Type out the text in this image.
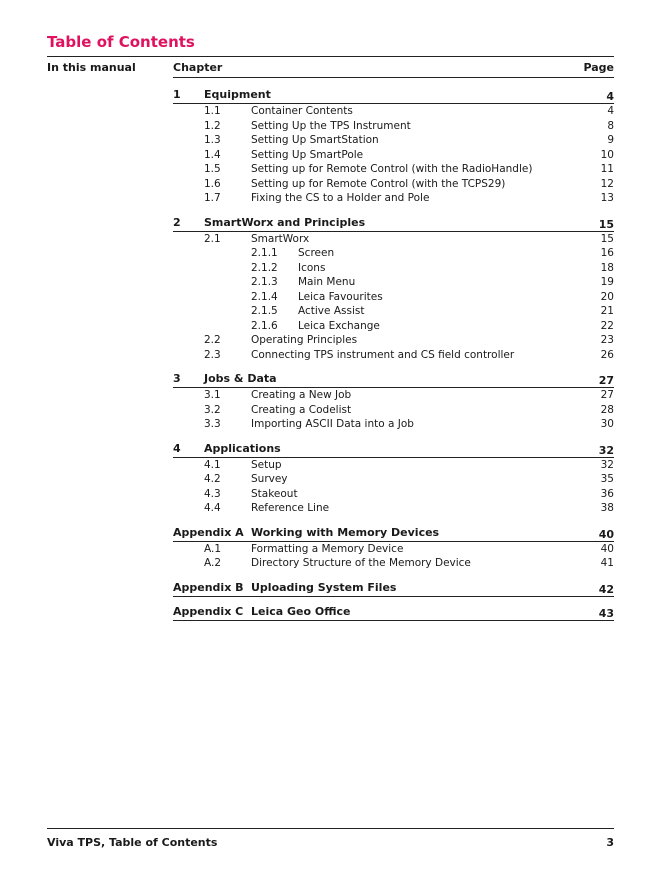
Table of Contents
In this manual	Chapter	Page
1 Equipment	4
1.1	Container Contents	4
1.2	Setting Up the TPS Instrument	8
1.3	Setting Up SmartStation	9
1.4	Setting Up SmartPole	10
1.5	Setting up for Remote Control (with the RadioHandle)	11
1.6	Setting up for Remote Control (with the TCPS29)	12
1.7	Fixing the CS to a Holder and Pole	13
2 SmartWorx and Principles	15
2.1	SmartWorx	15
2.1.1 Screen	16
2.1.2 Icons	18
2.1.3 Main Menu	19
2.1.4 Leica Favourites	20
2.1.5 Active Assist	21
2.1.6 Leica Exchange	22
2.2	Operating Principles	23
2.3	Connecting TPS instrument and CS field controller	26
3 Jobs & Data	27
3.1	Creating a New Job	27
3.2	Creating a Codelist	28
3.3	Importing ASCII Data into a Job	30
4 Applications	32
4.1	Setup	32
4.2	Survey	35
4.3	Stakeout	36
4.4	Reference Line	38
Appendix A Working with Memory Devices	40
A.1	Formatting a Memory Device	40
A.2	Directory Structure of the Memory Device	41
Appendix B Uploading System Files	42
Appendix C Leica Geo Office	43
Viva TPS, Table of Contents	3
